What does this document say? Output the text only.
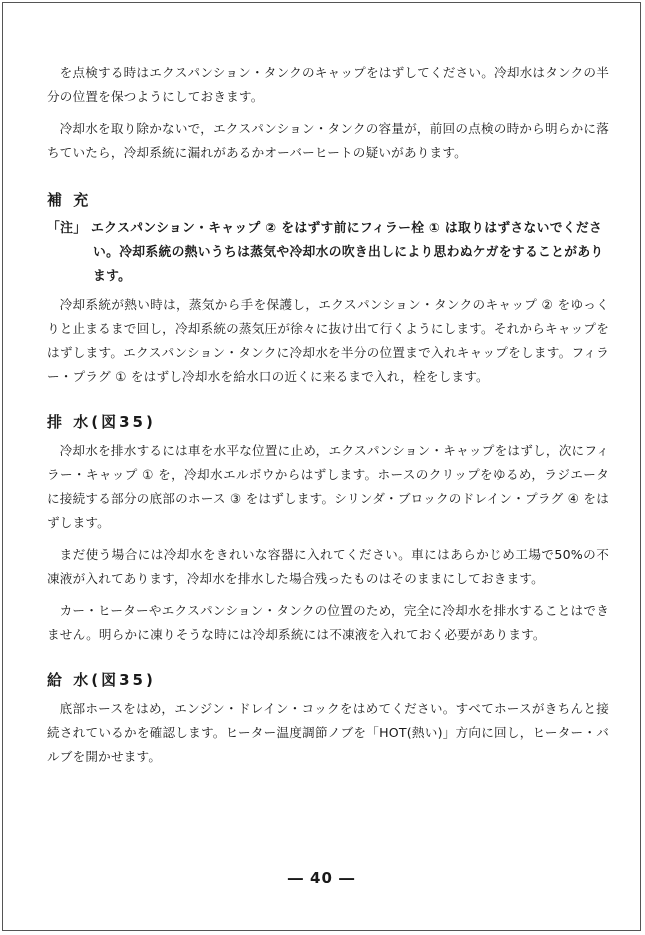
を点検する時はエクスパンション・タンクのキャップをはずしてください。冷却水はタンクの半分の位置を保つようにしておきます。

冷却水を取り除かないで，エクスパンション・タンクの容量が，前回の点検の時から明らかに落ちていたら，冷却系統に漏れがあるかオーバーヒートの疑いがあります。

補 充

「注」 エクスパンション・キャップ ② をはずす前にフィラー栓 ① は取りはずさないでください。冷却系統の熱いうちは蒸気や冷却水の吹き出しにより思わぬケガをすることがあります。

冷却系統が熱い時は，蒸気から手を保護し，エクスパンション・タンクのキャップ ② をゆっくりと止まるまで回し，冷却系統の蒸気圧が徐々に抜け出て行くようにします。それからキャップをはずします。エクスパンション・タンクに冷却水を半分の位置まで入れキャップをします。フィラー・プラグ ① をはずし冷却水を給水口の近くに来るまで入れ，栓をします。

排 水(図35)

冷却水を排水するには車を水平な位置に止め，エクスパンション・キャップをはずし，次にフィラー・キャップ ① を，冷却水エルボウからはずします。ホースのクリップをゆるめ，ラジエータに接続する部分の底部のホース ③ をはずします。シリンダ・ブロックのドレイン・プラグ ④ をはずします。

まだ使う場合には冷却水をきれいな容器に入れてください。車にはあらかじめ工場で50%の不凍液が入れてあります，冷却水を排水した場合残ったものはそのままにしておきます。

カー・ヒーターやエクスパンション・タンクの位置のため，完全に冷却水を排水することはできません。明らかに凍りそうな時には冷却系統には不凍液を入れておく必要があります。

給 水(図35)

底部ホースをはめ，エンジン・ドレイン・コックをはめてください。すべてホースがきちんと接続されているかを確認します。ヒーター温度調節ノブを「HOT(熱い)」方向に回し，ヒーター・バルブを開かせます。

― 40 ―
